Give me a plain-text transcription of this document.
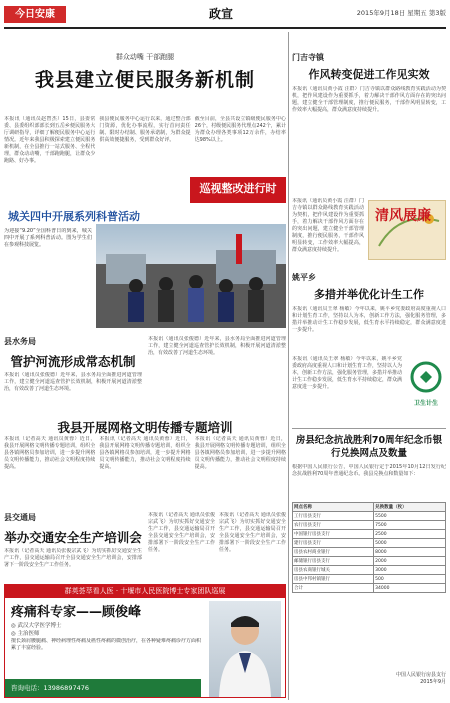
今日安康	政宣	2015年9月18日 星期五 第3版
群众动嘴 干部跑腿
我县建立便民服务新机制
本报讯（通讯员赵智杰）15日，县委常委、县委组织部部长到五岳乡便民服务大厅调研指导，详细了解便民服务中心运行情况。近年来我县积极探索建立便民服务新机制，在全县推行一站式服务、全程代理，群众动动嘴，干部跑跑腿，让群众少跑路、好办事。
我县便民服务中心运行以来，通过整合部门资源，优化办事流程，实行首问责任制、限时办结制、服务承诺制，为群众提供高效便捷服务，受到群众好评。
截至目前，全县共设立镇级便民服务中心26个，村级便民服务代理点242个，累计为群众办理各类事项12万余件，办结率达98%以上。
巡视整改进行时
城关四中开展系列科普活动
为迎接“9.20”全国科普日的到来，城关四中开展了系列科普活动。图为学生们在参观科技展览。
县水务局
管护河流形成常态机制
本报讯（通讯员张俊德）近年来，县水务局全面推进河道管理工作，建立健全河道巡查管护长效机制，积极开展河道清淤整治，有效改善了河道生态环境。
本报讯（通讯员张俊德）近年来，县水务局全面推进河道管理工作，建立健全河道巡查管护长效机制，积极开展河道清淤整治，有效改善了河道生态环境。
我县开展网格文明传播专题培训
本报讯（记者高天 通讯员黄蓉）近日，我县开展网格文明传播专题培训，组织全县各镇网格员参加培训，进一步提升网格员文明传播能力，推动社会文明程度持续提高。
本报讯（记者高天 通讯员黄蓉）近日，我县开展网格文明传播专题培训，组织全县各镇网格员参加培训，进一步提升网格员文明传播能力，推动社会文明程度持续提高。
本报讯（记者高天 通讯员黄蓉）近日，我县开展网格文明传播专题培训，组织全县各镇网格员参加培训，进一步提升网格员文明传播能力，推动社会文明程度持续提高。
县交通局
举办交通安全生产培训会
本报讯（记者高天 通讯员张俊宗武飞）为切实抓好交通安全生产工作，县交通运输局召开全县交通安全生产培训会，安排部署下一阶段安全生产工作任务。
本报讯（记者高天 通讯员张俊宗武飞）为切实抓好交通安全生产工作，县交通运输局召开全县交通安全生产培训会，安排部署下一阶段安全生产工作任务。
本报讯（记者高天 通讯员张俊宗武飞）为切实抓好交通安全生产工作，县交通运输局召开全县交通安全生产培训会，安排部署下一阶段安全生产工作任务。
群英荟萃看人医 · 十堰市人民医院博士专家团队巡展
疼痛科专家——顾俊峰
◎ 武汉大学医学博士
◎ 主治医师
擅长颈肩腰腿痛、神经病理性疼痛及癌性疼痛的微创治疗，在各种疑难疼痛诊疗方面积累了丰富经验。
咨询电话：13986897476
门吉寺镇
作风转变促进工作见实效
本报讯（通讯员黄小霞 汪群）门吉寺镇以群众路线教育实践活动为契机，把作风建设作为重要抓手，着力解决干部作风方面存在的突出问题，建立健全干部管理制度，推行便民服务，干部作风明显转变，工作效率大幅提高，群众满意度持续提升。
本报讯（通讯员黄小霞 汪群）门吉寺镇以群众路线教育实践活动为契机，把作风建设作为重要抓手，着力解决干部作风方面存在的突出问题，建立健全干部管理制度，推行便民服务，干部作风明显转变，工作效率大幅提高，群众满意度持续提升。
清风展廉
姚平乡
多措并举优化计生工作
本报讯（通讯员王翠 杨敏）今年以来，姚平乡党委政府高度重视人口和计划生育工作，坚持以人为本，创新工作方法，强化服务管理，多措并举推动计生工作稳步发展，低生育水平持续稳定，群众满意度进一步提升。
本报讯（通讯员王翠 杨敏）今年以来，姚平乡党委政府高度重视人口和计划生育工作，坚持以人为本，创新工作方法，强化服务管理，多措并举推动计生工作稳步发展，低生育水平持续稳定，群众满意度进一步提升。
卫生计生
房县纪念抗战胜利70周年纪念币银行兑换网点及数量
根据中国人民银行公告，中国人民银行定于2015年10月12日发行纪念抗战胜利70周年普通纪念币。我县兑换点和数量如下：
网点名称	兑换数量（枚）
工行房县支行	5500
农行房县支行	7500
中国银行房县支行	2500
建行房县支行	5000
房县农村商业银行	8000
邮储银行房县支行	2000
房县农商银行城关	3000
房县中邦村镇银行	500
合计	34000
中国人民银行房县支行
2015年9月
